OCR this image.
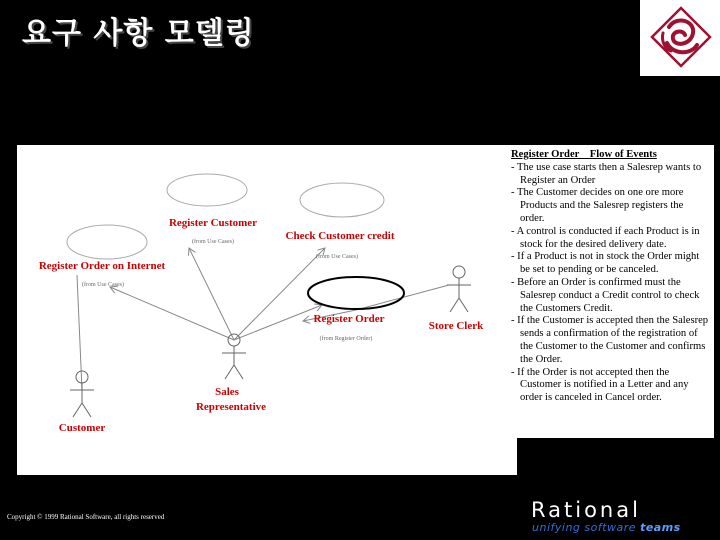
요구 사항 모델링
Register Customer
Check Customer credit
Register Order on Internet
Register Order
(from Use Cases)
(from Use Cases)
(from Use Cases)
(from Register Order)
Store Clerk
Sales
Representative
Customer
Register Order    Flow of Events

- The use case starts then a Salesrep wants to Register an Order

- The Customer decides on one ore more Products and the Salesrep registers the order.

- A control is conducted if each Product is in stock for the desired delivery date.

- If a Product is not in stock the Order might be set to pending or be canceled.

- Before an Order is confirmed must the Salesrep conduct a Credit control to check the Customers Credit.

- If the Customer is accepted then the Salesrep sends a confirmation of the registration of the Customer to the Customer and confirms the Order.

- If the Order is not accepted then the Customer is notified in a Letter and any order is canceled in Cancel order.

Copyright © 1999 Rational Software, all rights reserved	Rational
unifying software teams
